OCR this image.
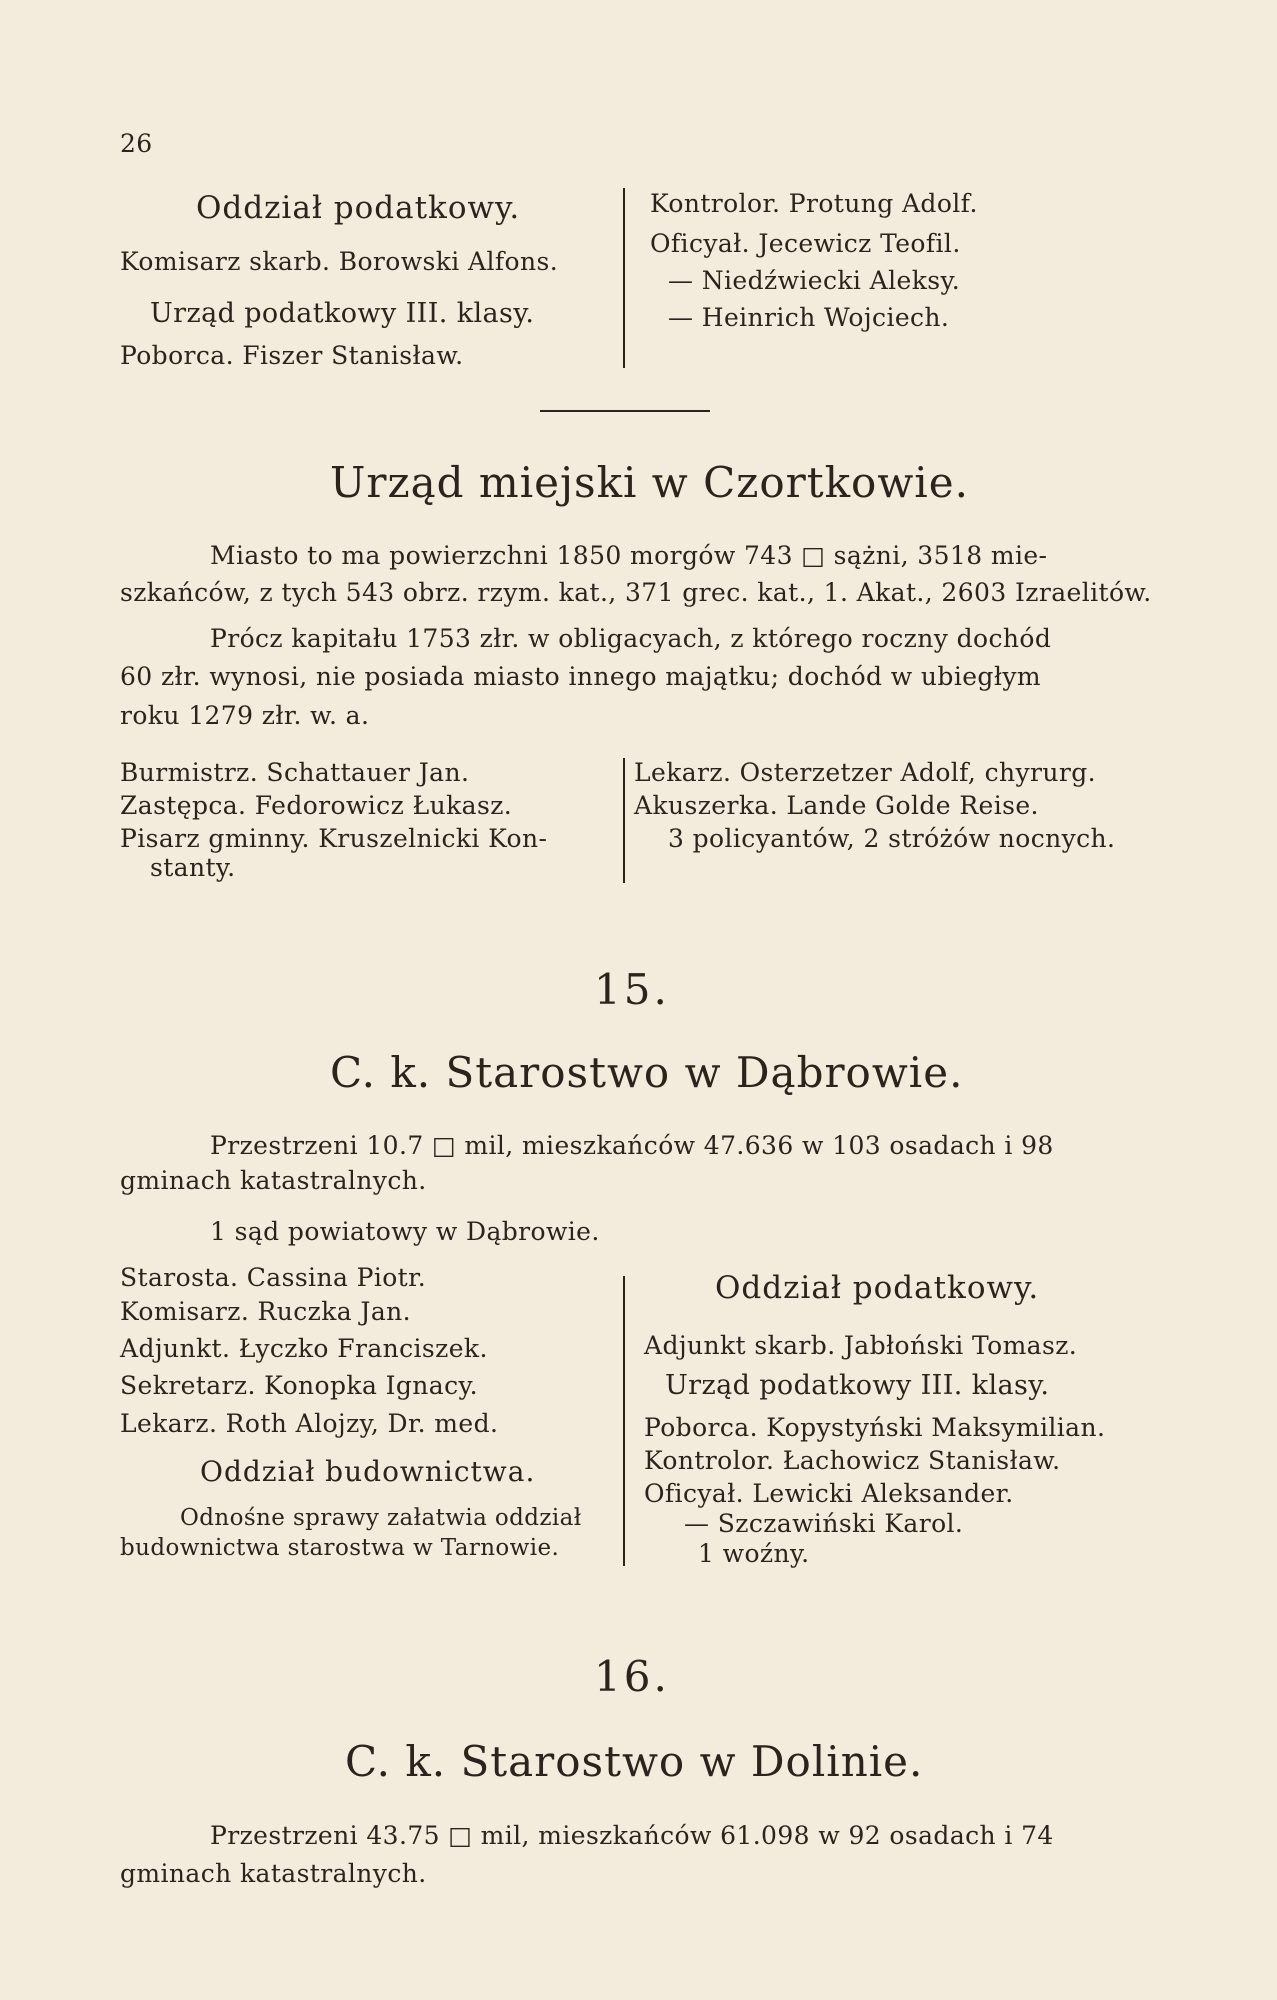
26
Oddział podatkowy.
Komisarz skarb. Borowski Alfons.
Urząd podatkowy III. klasy.
Poborca. Fiszer Stanisław.
Kontrolor. Protung Adolf.
Oficyał. Jecewicz Teofil.
— Niedźwiecki Aleksy.
— Heinrich Wojciech.
Urząd miejski w Czortkowie.
Miasto to ma powierzchni 1850 morgów 743 □ sążni, 3518 mie-
szkańców, z tych 543 obrz. rzym. kat., 371 grec. kat., 1. Akat., 2603 Izraelitów.
Prócz kapitału 1753 złr. w obligacyach, z którego roczny dochód
60 złr. wynosi, nie posiada miasto innego majątku; dochód w ubiegłym
roku 1279 złr. w. a.
Burmistrz. Schattauer Jan.
Zastępca. Fedorowicz Łukasz.
Pisarz gminny. Kruszelnicki Kon-
stanty.
Lekarz. Osterzetzer Adolf, chyrurg.
Akuszerka. Lande Golde Reise.
3 policyantów, 2 stróżów nocnych.
15.
C. k. Starostwo w Dąbrowie.
Przestrzeni 10.7 □ mil, mieszkańców 47.636 w 103 osadach i 98
gminach katastralnych.
1 sąd powiatowy w Dąbrowie.
Starosta. Cassina Piotr.
Komisarz. Ruczka Jan.
Adjunkt. Łyczko Franciszek.
Sekretarz. Konopka Ignacy.
Lekarz. Roth Alojzy, Dr. med.
Oddział budownictwa.
Odnośne sprawy załatwia oddział
budownictwa starostwa w Tarnowie.
Oddział podatkowy.
Adjunkt skarb. Jabłoński Tomasz.
Urząd podatkowy III. klasy.
Poborca. Kopystyński Maksymilian.
Kontrolor. Łachowicz Stanisław.
Oficyał. Lewicki Aleksander.
— Szczawiński Karol.
1 woźny.
16.
C. k. Starostwo w Dolinie.
Przestrzeni 43.75 □ mil, mieszkańców 61.098 w 92 osadach i 74
gminach katastralnych.
